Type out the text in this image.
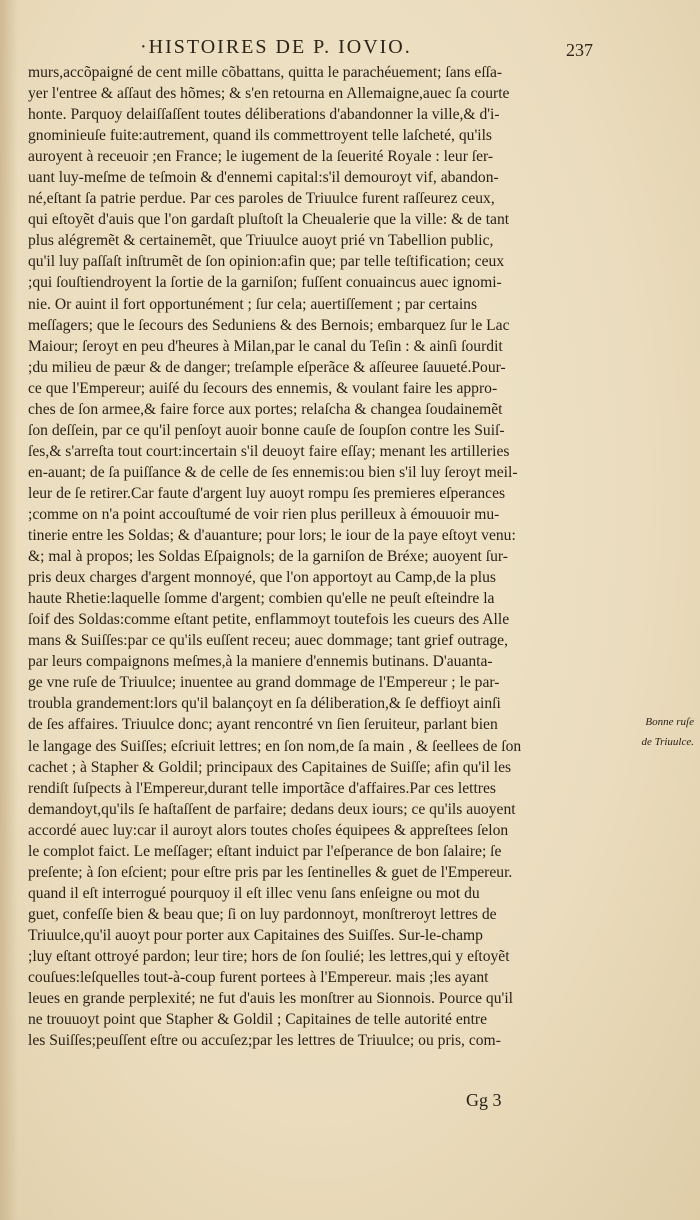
·HISTOIRES DE P. IOVIO.	237
murs,accõpaigné de cent mille cõbattans, quitta le parachéuement; ſans eſſa-
yer l'entree & aſſaut des hõmes; & s'en retourna en Allemaigne,auec ſa courte
honte. Parquoy delaiſſaſſent toutes déliberations d'abandonner la ville,& d'i-
gnominieuſe fuite:autrement, quand ils commettroyent telle laſcheté, qu'ils
auroyent à receuoir ;en France; le iugement de la ſeuerité Royale : leur ſer-
uant luy-meſme de teſmoin & d'ennemi capital:s'il demouroyt vif, abandon-
né,eſtant ſa patrie perdue. Par ces paroles de Triuulce furent raſſeurez ceux,
qui eſtoyẽt d'auis que l'on gardaſt pluſtoſt la Cheualerie que la ville: & de tant
plus alégremẽt & certainemẽt, que Triuulce auoyt prié vn Tabellion public,
qu'il luy paſſaſt inſtrumẽt de ſon opinion:afin que; par telle teſtification; ceux
;qui ſouſtiendroyent la ſortie de la garniſon; fuſſent conuaincus auec ignomi-
nie. Or auint il fort opportunément ; ſur cela; auertiſſement ; par certains
meſſagers; que le ſecours des Seduniens & des Bernois; embarquez ſur le Lac
Maiour; ſeroyt en peu d'heures à Milan,par le canal du Teſin : & ainſi ſourdit
;du milieu de pæur & de danger; treſample eſperãce & aſſeuree ſauueté.Pour-
ce que l'Empereur; auiſé du ſecours des ennemis, & voulant faire les appro-
ches de ſon armee,& faire force aux portes; relaſcha & changea ſoudainemẽt
ſon deſſein, par ce qu'il penſoyt auoir bonne cauſe de ſoupſon contre les Suiſ-
ſes,& s'arreſta tout court:incertain s'il deuoyt faire eſſay; menant les artilleries
en-auant; de ſa puiſſance & de celle de ſes ennemis:ou bien s'il luy ſeroyt meil-
leur de ſe retirer.Car faute d'argent luy auoyt rompu ſes premieres eſperances
;comme on n'a point accouſtumé de voir rien plus perilleux à émouuoir mu-
tinerie entre les Soldas; & d'auanture; pour lors; le iour de la paye eſtoyt venu:
&; mal à propos; les Soldas Eſpaignols; de la garniſon de Bréxe; auoyent ſur-
pris deux charges d'argent monnoyé, que l'on apportoyt au Camp,de la plus
haute Rhetie:laquelle ſomme d'argent; combien qu'elle ne peuſt eſteindre la
ſoif des Soldas:comme eſtant petite, enflammoyt toutefois les cueurs des Alle
mans & Suiſſes:par ce qu'ils euſſent receu; auec dommage; tant grief outrage,
par leurs compaignons meſmes,à la maniere d'ennemis butinans. D'auanta-
ge vne ruſe de Triuulce; inuentee au grand dommage de l'Empereur ; le par-
troubla grandement:lors qu'il balançoyt en ſa déliberation,& ſe deffioyt ainſi
de ſes affaires. Triuulce donc; ayant rencontré vn ſien ſeruiteur, parlant bien
le langage des Suiſſes; eſcriuit lettres; en ſon nom,de ſa main , & ſeellees de ſon
cachet ; à Stapher & Goldil; principaux des Capitaines de Suiſſe; afin qu'il les
rendiſt ſuſpects à l'Empereur,durant telle importãce d'affaires.Par ces lettres
demandoyt,qu'ils ſe haſtaſſent de parfaire; dedans deux iours; ce qu'ils auoyent
accordé auec luy:car il auroyt alors toutes choſes équipees & appreſtees ſelon
le complot faict. Le meſſager; eſtant induict par l'eſperance de bon ſalaire; ſe
preſente; à ſon eſcient; pour eſtre pris par les ſentinelles & guet de l'Empereur.
quand il eſt interrogué pourquoy il eſt illec venu ſans enſeigne ou mot du
guet, confeſſe bien & beau que; ſi on luy pardonnoyt, monſtreroyt lettres de
Triuulce,qu'il auoyt pour porter aux Capitaines des Suiſſes. Sur-le-champ
;luy eſtant ottroyé pardon; leur tire; hors de ſon ſoulié; les lettres,qui y eſtoyẽt
couſues:leſquelles tout-à-coup furent portees à l'Empereur. mais ;les ayant
leues en grande perplexité; ne fut d'auis les monſtrer au Sionnois. Pource qu'il
ne trouuoyt point que Stapher & Goldil ; Capitaines de telle autorité entre
les Suiſſes;peuſſent eſtre ou accuſez;par les lettres de Triuulce; ou pris, com-
Bonne ruſe
de Triuulce.
Gg 3
